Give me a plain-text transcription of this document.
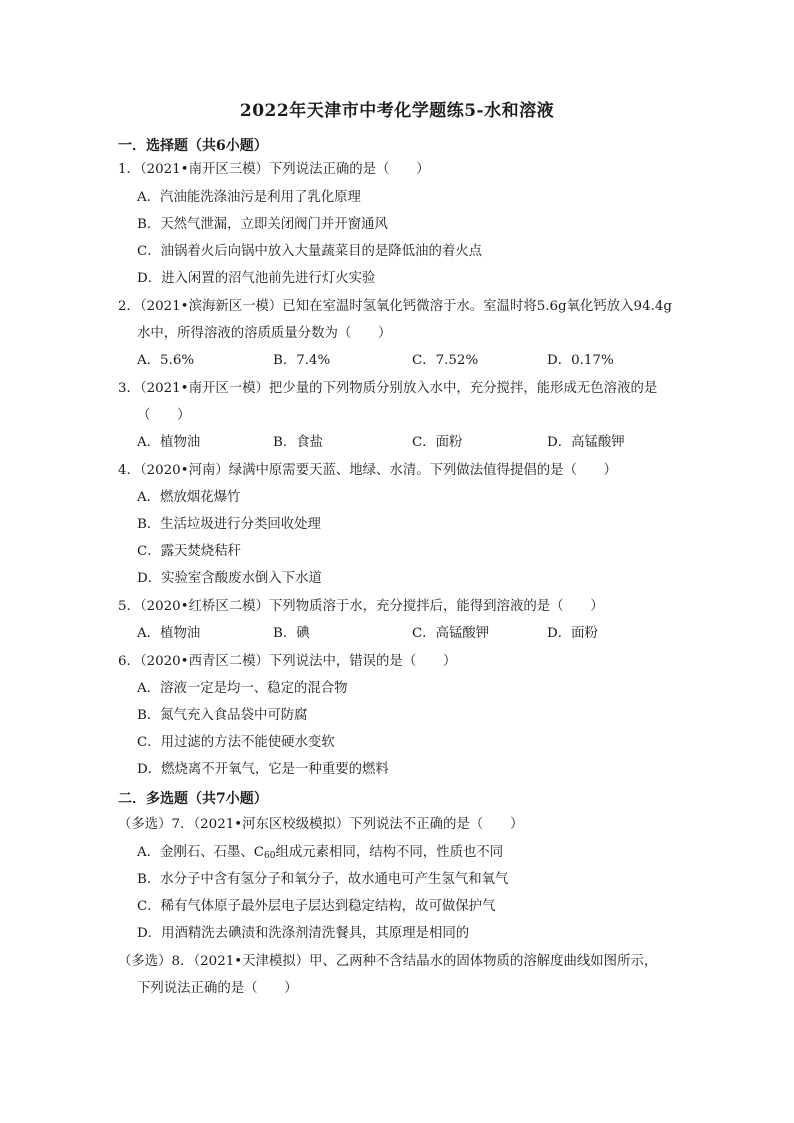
2022年天津市中考化学题练5-水和溶液
一．选择题（共6小题）
1．（2021•南开区三模）下列说法正确的是（　　）
A．汽油能洗涤油污是利用了乳化原理
B．天然气泄漏，立即关闭阀门并开窗通风
C．油锅着火后向锅中放入大量蔬菜目的是降低油的着火点
D．进入闲置的沼气池前先进行灯火实验
2．（2021•滨海新区一模）已知在室温时氢氧化钙微溶于水。室温时将5.6g氧化钙放入94.4g
水中，所得溶液的溶质质量分数为（　　）
A．5.6%	B．7.4%	C．7.52%	D．0.17%
3．（2021•南开区一模）把少量的下列物质分别放入水中，充分搅拌，能形成无色溶液的是
（　　）
A．植物油	B．食盐	C．面粉	D．高锰酸钾
4．（2020•河南）绿满中原需要天蓝、地绿、水清。下列做法值得提倡的是（　　）
A．燃放烟花爆竹
B．生活垃圾进行分类回收处理
C．露天焚烧秸秆
D．实验室含酸废水倒入下水道
5．（2020•红桥区二模）下列物质溶于水，充分搅拌后，能得到溶液的是（　　）
A．植物油	B．碘	C．高锰酸钾	D．面粉
6．（2020•西青区二模）下列说法中，错误的是（　　）
A．溶液一定是均一、稳定的混合物
B．氮气充入食品袋中可防腐
C．用过滤的方法不能使硬水变软
D．燃烧离不开氧气，它是一种重要的燃料
二．多选题（共7小题）
（多选）7．（2021•河东区校级模拟）下列说法不正确的是（　　）
A．金刚石、石墨、$C_{60}$组成元素相同，结构不同，性质也不同
B．水分子中含有氢分子和氧分子，故水通电可产生氢气和氧气
C．稀有气体原子最外层电子层达到稳定结构，故可做保护气
D．用酒精洗去碘渍和洗涤剂清洗餐具，其原理是相同的
（多选）8．（2021•天津模拟）甲、乙两种不含结晶水的固体物质的溶解度曲线如图所示，
下列说法正确的是（　　）
